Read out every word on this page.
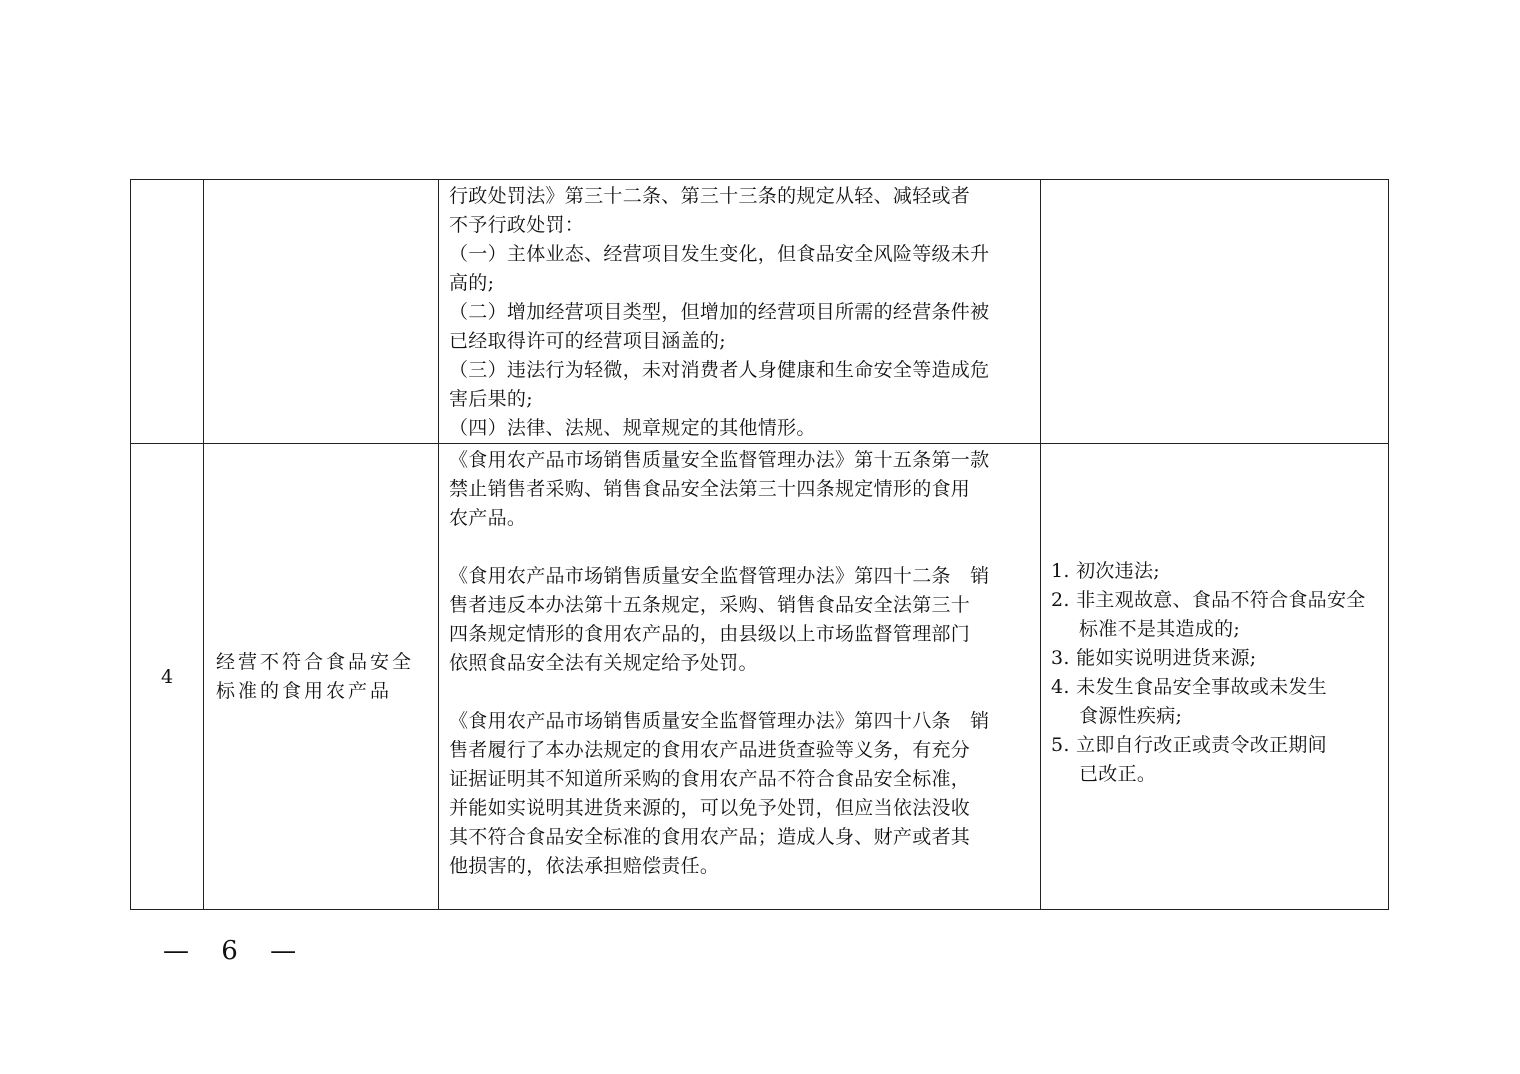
行政处罚法》第三十二条、第三十三条的规定从轻、减轻或者
不予行政处罚：
（一）主体业态、经营项目发生变化，但食品安全风险等级未升
高的;
（二）增加经营项目类型，但增加的经营项目所需的经营条件被
已经取得许可的经营项目涵盖的;
（三）违法行为轻微，未对消费者人身健康和生命安全等造成危
害后果的;
（四）法律、法规、规章规定的其他情形。
4
经营不符合食品安全
标准的食用农产品
《食用农产品市场销售质量安全监督管理办法》第十五条第一款
禁止销售者采购、销售食品安全法第三十四条规定情形的食用
农产品。
《食用农产品市场销售质量安全监督管理办法》第四十二条　销
售者违反本办法第十五条规定，采购、销售食品安全法第三十
四条规定情形的食用农产品的，由县级以上市场监督管理部门
依照食品安全法有关规定给予处罚。
《食用农产品市场销售质量安全监督管理办法》第四十八条　销
售者履行了本办法规定的食用农产品进货查验等义务，有充分
证据证明其不知道所采购的食用农产品不符合食品安全标准，
并能如实说明其进货来源的，可以免予处罚，但应当依法没收
其不符合食品安全标准的食用农产品；造成人身、财产或者其
他损害的，依法承担赔偿责任。
1. 初次违法;
2. 非主观故意、食品不符合食品安全
标准不是其造成的;
3. 能如实说明进货来源;
4. 未发生食品安全事故或未发生
食源性疾病;
5. 立即自行改正或责令改正期间
已改正。
— 6 —
